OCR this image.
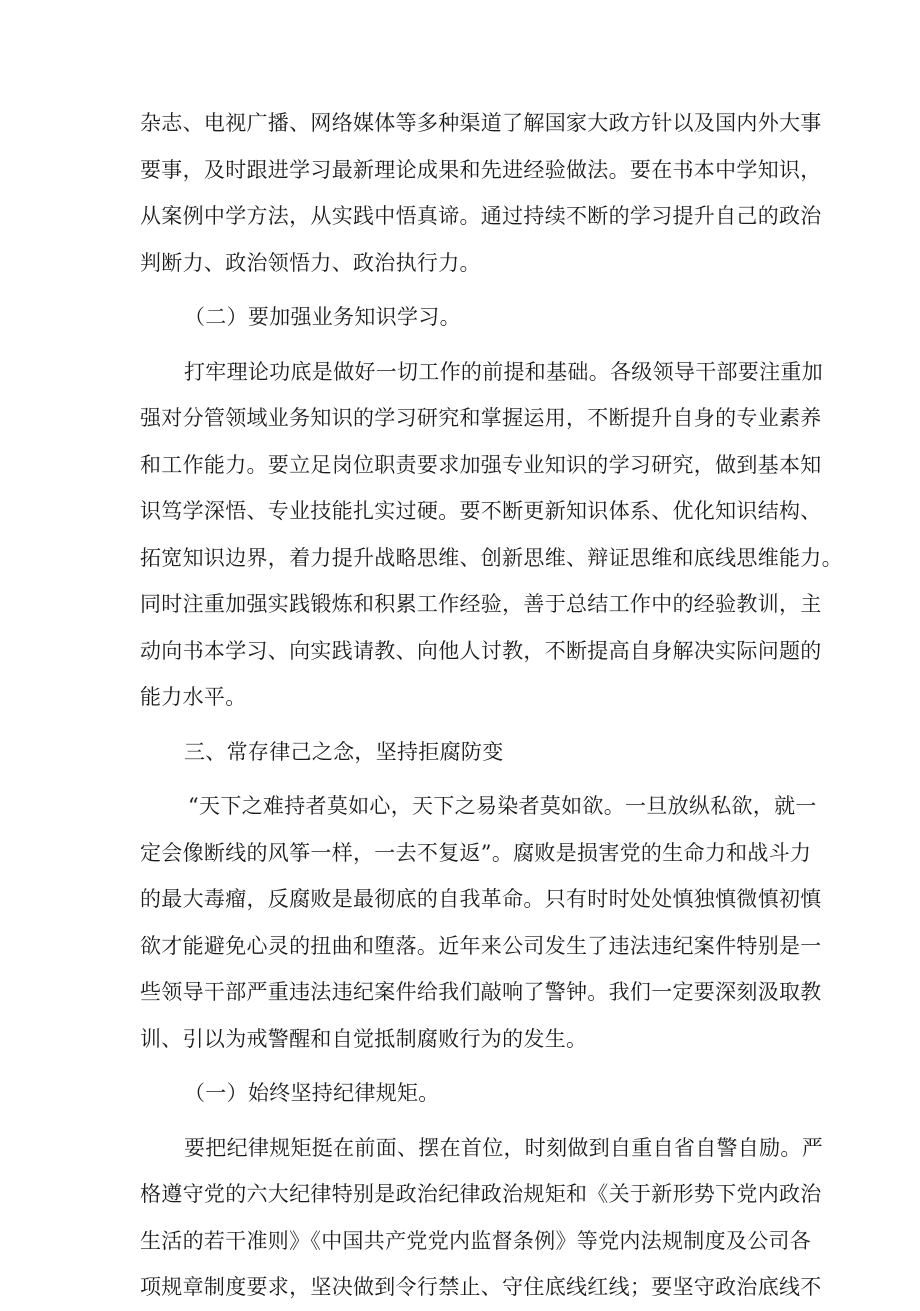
杂志、电视广播、网络媒体等多种渠道了解国家大政方针以及国内外大事
要事，及时跟进学习最新理论成果和先进经验做法。要在书本中学知识，
从案例中学方法，从实践中悟真谛。通过持续不断的学习提升自己的政治
判断力、政治领悟力、政治执行力。
（二）要加强业务知识学习。
打牢理论功底是做好一切工作的前提和基础。各级领导干部要注重加
强对分管领域业务知识的学习研究和掌握运用，不断提升自身的专业素养
和工作能力。要立足岗位职责要求加强专业知识的学习研究，做到基本知
识笃学深悟、专业技能扎实过硬。要不断更新知识体系、优化知识结构、
拓宽知识边界，着力提升战略思维、创新思维、辩证思维和底线思维能力。
同时注重加强实践锻炼和积累工作经验，善于总结工作中的经验教训，主
动向书本学习、向实践请教、向他人讨教，不断提高自身解决实际问题的
能力水平。
三、常存律己之念，坚持拒腐防变
“天下之难持者莫如心，天下之易染者莫如欲。一旦放纵私欲，就一
定会像断线的风筝一样，一去不复返”。腐败是损害党的生命力和战斗力
的最大毒瘤，反腐败是最彻底的自我革命。只有时时处处慎独慎微慎初慎
欲才能避免心灵的扭曲和堕落。近年来公司发生了违法违纪案件特别是一
些领导干部严重违法违纪案件给我们敲响了警钟。我们一定要深刻汲取教
训、引以为戒警醒和自觉抵制腐败行为的发生。
（一）始终坚持纪律规矩。
要把纪律规矩挺在前面、摆在首位，时刻做到自重自省自警自励。严
格遵守党的六大纪律特别是政治纪律政治规矩和《关于新形势下党内政治
生活的若干准则》《中国共产党党内监督条例》等党内法规制度及公司各
项规章制度要求，坚决做到令行禁止、守住底线红线；要坚守政治底线不
